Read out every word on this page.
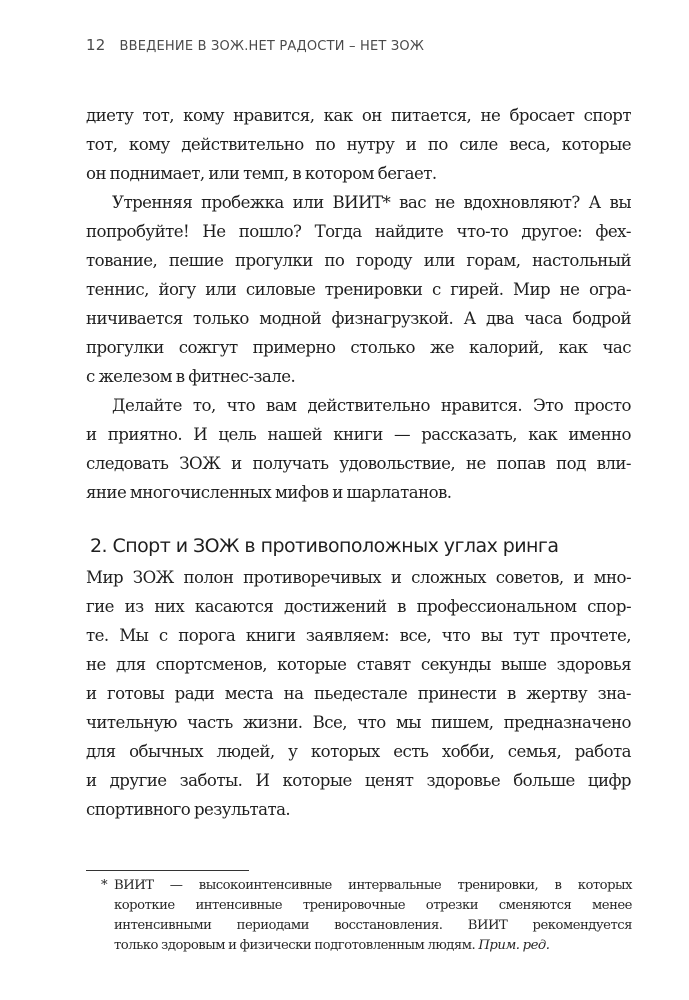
12 ВВЕДЕНИЕ В ЗОЖ.НЕТ РАДОСТИ – НЕТ ЗОЖ
диету тот, кому нравится, как он питается, не бросает спорт
тот, кому действительно по нутру и по силе веса, которые
он поднимает, или темп, в котором бегает.
Утренняя пробежка или ВИИТ* вас не вдохновляют? А вы
попробуйте! Не пошло? Тогда найдите что-то другое: фех-
тование, пешие прогулки по городу или горам, настольный
теннис, йогу или силовые тренировки с гирей. Мир не огра-
ничивается только модной физнагрузкой. А два часа бодрой
прогулки сожгут примерно столько же калорий, как час
с железом в фитнес-зале.
Делайте то, что вам действительно нравится. Это просто
и приятно. И цель нашей книги — рассказать, как именно
следовать ЗОЖ и получать удовольствие, не попав под вли-
яние многочисленных мифов и шарлатанов.
2. Спорт и ЗОЖ в противоположных углах ринга
Мир ЗОЖ полон противоречивых и сложных советов, и мно-
гие из них касаются достижений в профессиональном спор-
те. Мы с порога книги заявляем: все, что вы тут прочтете,
не для спортсменов, которые ставят секунды выше здоровья
и готовы ради места на пьедестале принести в жертву зна-
чительную часть жизни. Все, что мы пишем, предназначено
для обычных людей, у которых есть хобби, семья, работа
и другие заботы. И которые ценят здоровье больше цифр
спортивного результата.
* ВИИТ — высокоинтенсивные интервальные тренировки, в которых
короткие интенсивные тренировочные отрезки сменяются менее
интенсивными периодами восстановления. ВИИТ рекомендуется
только здоровым и физически подготовленным людям. Прим. ред.
